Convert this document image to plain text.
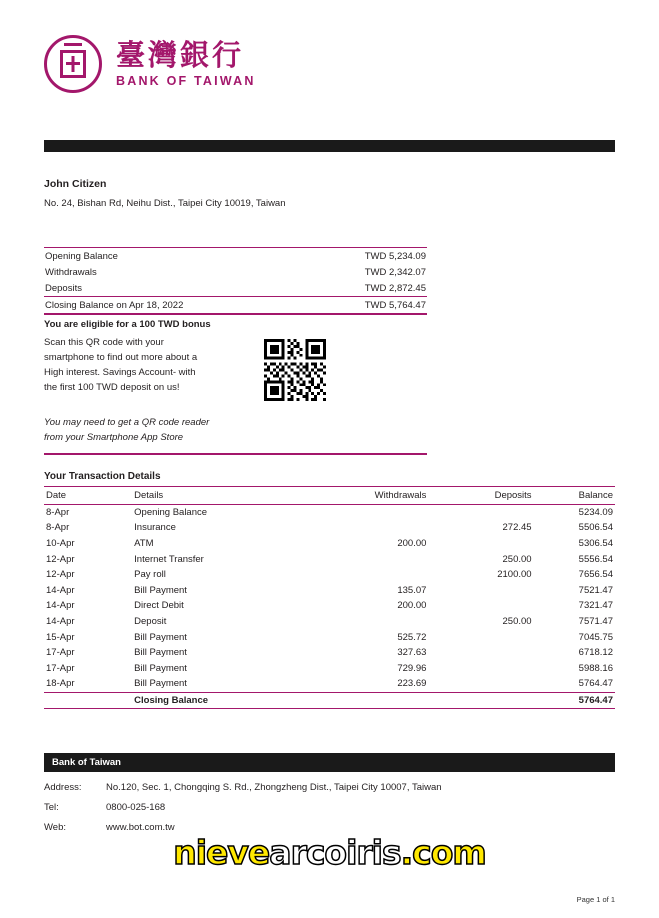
臺灣銀行
BANK OF TAIWAN
John Citizen
No. 24, Bishan Rd, Neihu Dist., Taipei City 10019, Taiwan
Opening Balance	TWD 5,234.09
Withdrawals	TWD 2,342.07
Deposits	TWD 2,872.45
Closing Balance on Apr 18, 2022	TWD 5,764.47
You are eligible for a 100 TWD bonus
Scan this QR code with your
smartphone to find out more about a
High interest. Savings Account- with
the first 100 TWD deposit on us!
You may need to get a QR code reader
from your Smartphone App Store
Your Transaction Details
Date	Details	Withdrawals	Deposits	Balance
8-Apr	Opening Balance			5234.09
8-Apr	Insurance		272.45	5506.54
10-Apr	ATM	200.00		5306.54
12-Apr	Internet Transfer		250.00	5556.54
12-Apr	Pay roll		2100.00	7656.54
14-Apr	Bill Payment	135.07		7521.47
14-Apr	Direct Debit	200.00		7321.47
14-Apr	Deposit		250.00	7571.47
15-Apr	Bill Payment	525.72		7045.75
17-Apr	Bill Payment	327.63		6718.12
17-Apr	Bill Payment	729.96		5988.16
18-Apr	Bill Payment	223.69		5764.47
	Closing Balance			5764.47
Bank of Taiwan
Address:	No.120, Sec. 1, Chongqing S. Rd., Zhongzheng Dist., Taipei City 10007, Taiwan
Tel:	0800-025-168
Web:	www.bot.com.tw
nievearcoiris.com
Page 1 of 1
